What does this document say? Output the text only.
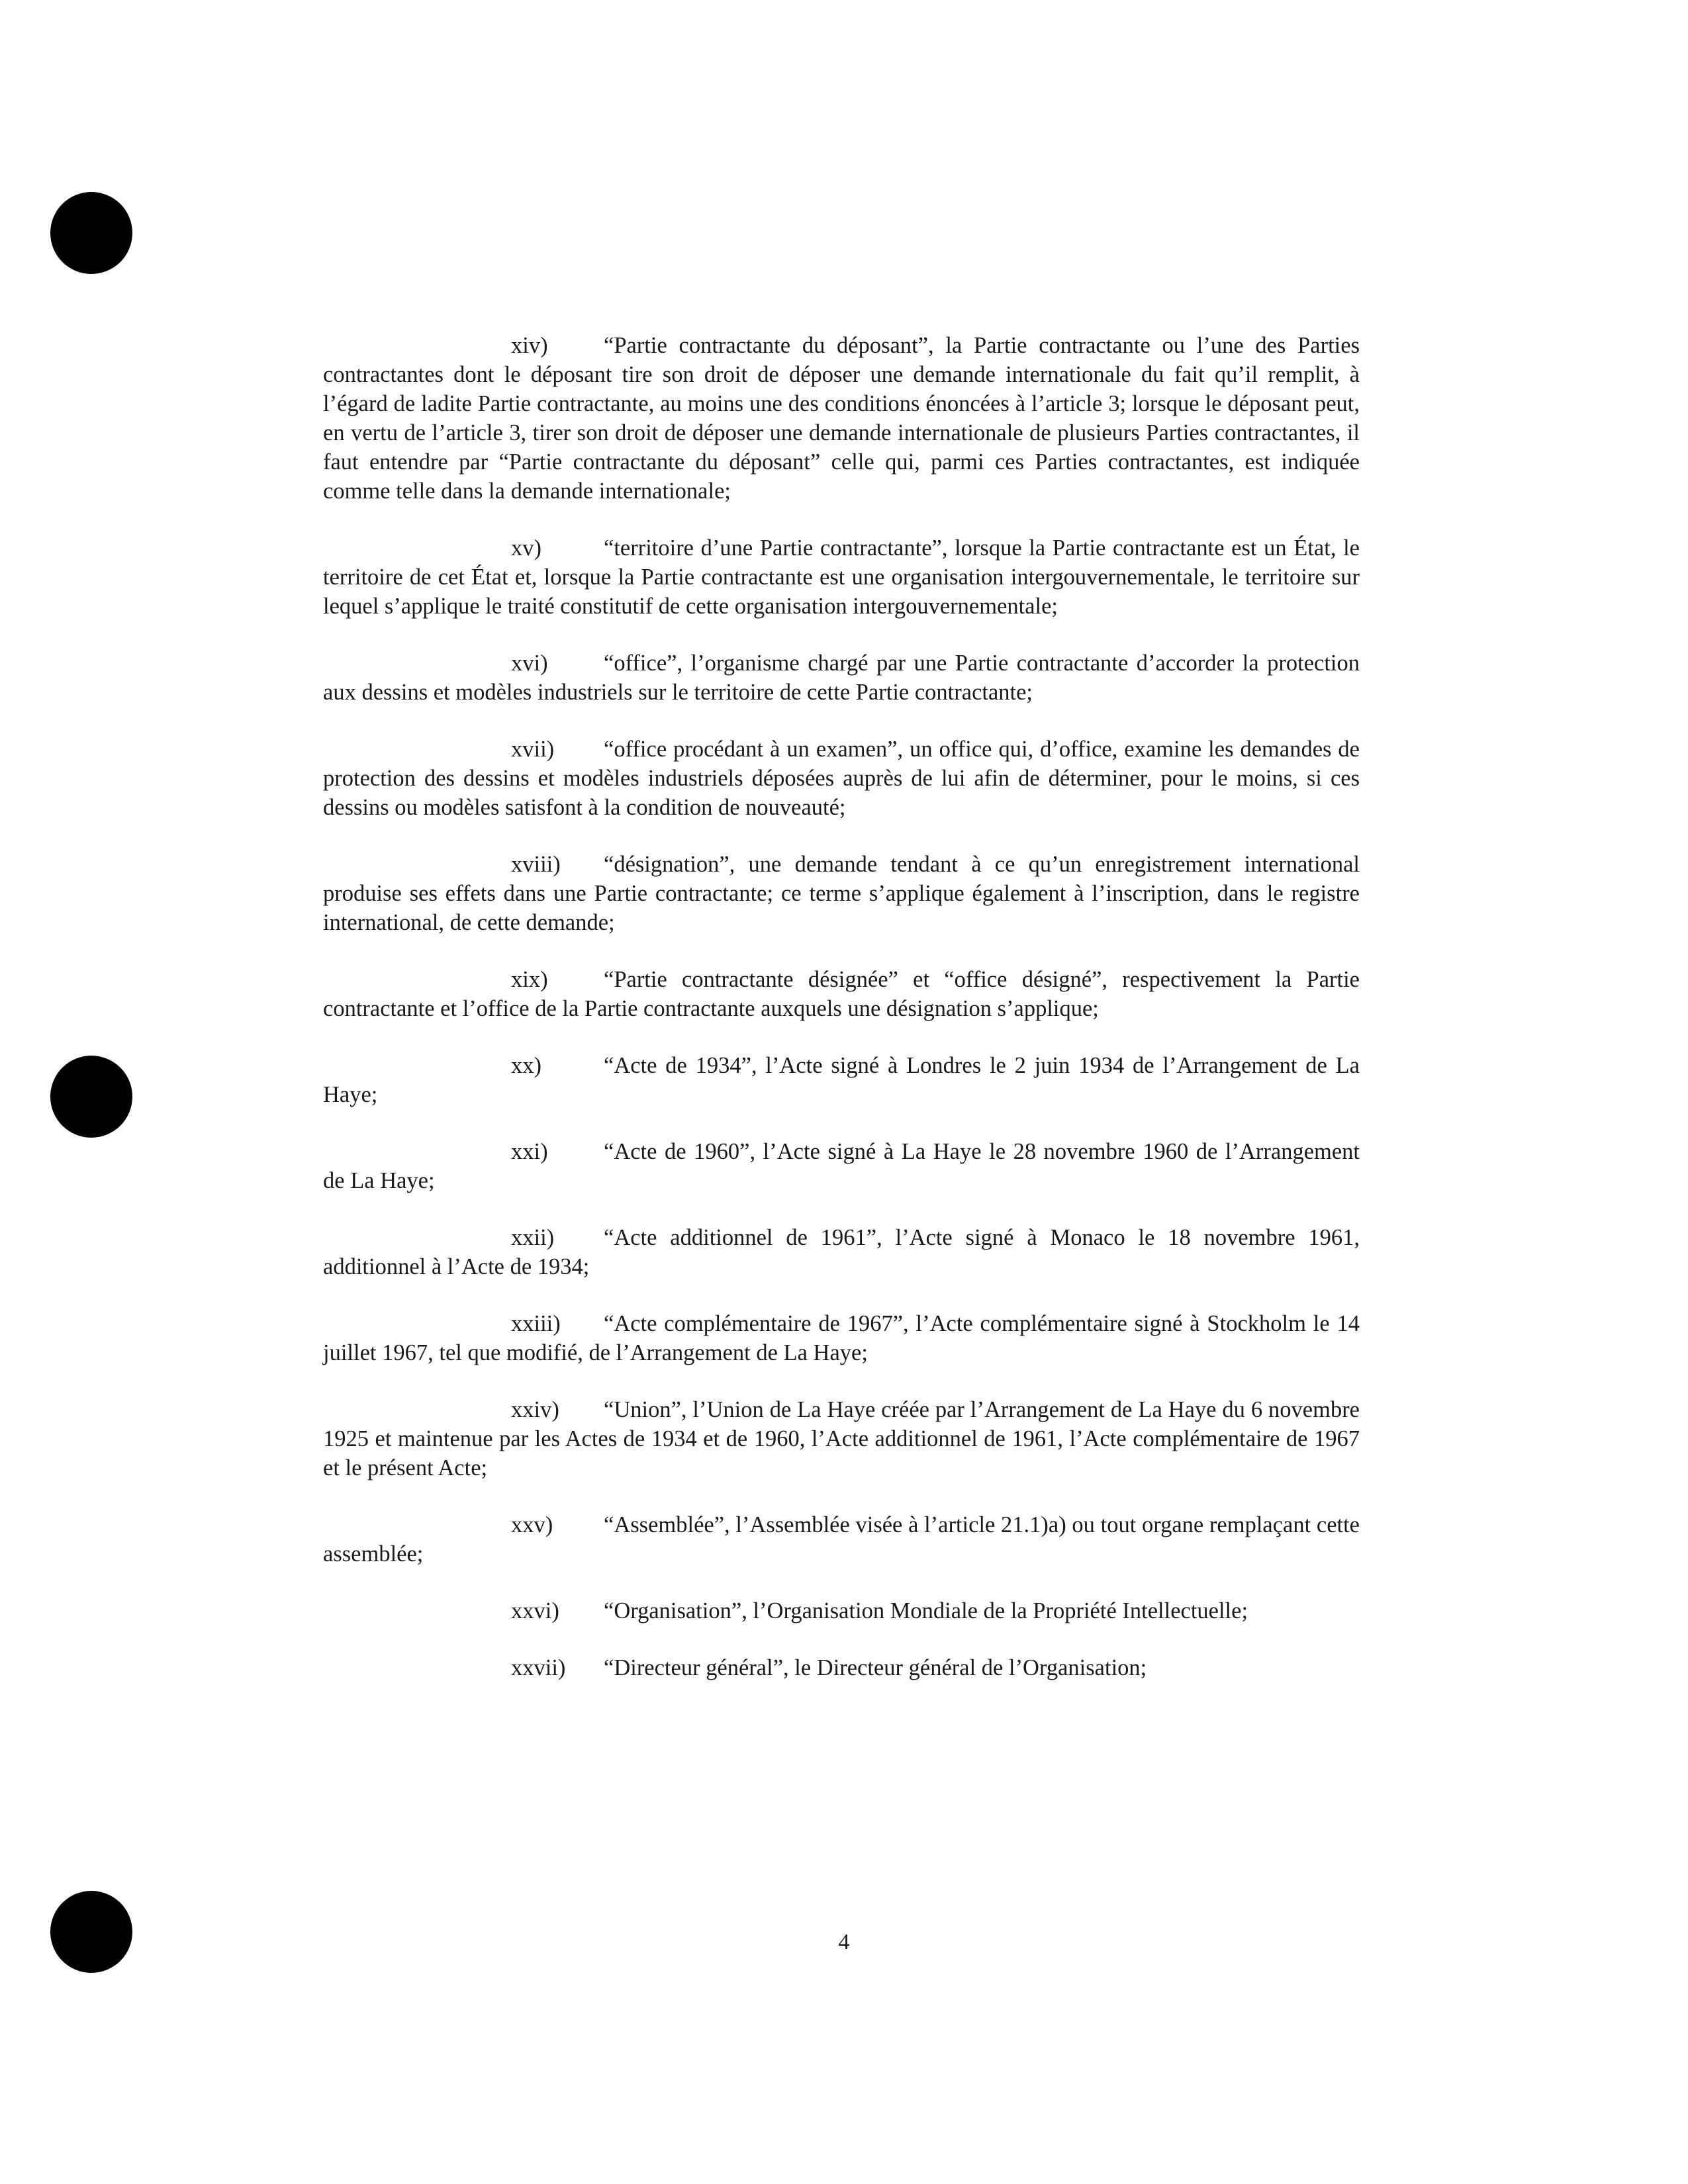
xiv) “Partie contractante du déposant”, la Partie contractante ou l’une des Parties contractantes dont le déposant tire son droit de déposer une demande internationale du fait qu’il remplit, à l’égard de ladite Partie contractante, au moins une des conditions énoncées à l’article 3; lorsque le déposant peut, en vertu de l’article 3, tirer son droit de déposer une demande internationale de plusieurs Parties contractantes, il faut entendre par “Partie contractante du déposant” celle qui, parmi ces Parties contractantes, est indiquée comme telle dans la demande internationale;

xv)	“territoire d’une Partie contractante”, lorsque la Partie contractante est un État, le territoire de cet État et, lorsque la Partie contractante est une organisation intergouvernementale, le territoire sur lequel s’applique le traité constitutif de cette organisation intergouvernementale;

xvi) “office”, l’organisme chargé par une Partie contractante d’accorder la protection aux dessins et modèles industriels sur le territoire de cette Partie contractante;

xvii) “office procédant à un examen”, un office qui, d’office, examine les demandes de protection des dessins et modèles industriels déposées auprès de lui afin de déterminer, pour le moins, si ces dessins ou modèles satisfont à la condition de nouveauté;

xviii) “désignation”, une demande tendant à ce qu’un enregistrement international produise ses effets dans une Partie contractante; ce terme s’applique également à l’inscription, dans le registre international, de cette demande;

xix) “Partie contractante désignée” et “office désigné”, respectivement la Partie contractante et l’office de la Partie contractante auxquels une désignation s’applique;

xx)	“Acte de 1934”, l’Acte signé à Londres le 2 juin 1934 de l’Arrangement de La Haye;

xxi) “Acte de 1960”, l’Acte signé à La Haye le 28 novembre 1960 de l’Arrangement de La Haye;

xxii) “Acte additionnel de 1961”, l’Acte signé à Monaco le 18 novembre 1961, additionnel à l’Acte de 1934;

xxiii) “Acte complémentaire de 1967”, l’Acte complémentaire signé à Stockholm le 14 juillet 1967, tel que modifié, de l’Arrangement de La Haye;

xxiv) “Union”, l’Union de La Haye créée par l’Arrangement de La Haye du 6 novembre 1925 et maintenue par les Actes de 1934 et de 1960, l’Acte additionnel de 1961, l’Acte complémentaire de 1967 et le présent Acte;

xxv) “Assemblée”, l’Assemblée visée à l’article 21.1)a) ou tout organe remplaçant cette assemblée;

xxvi) “Organisation”, l’Organisation Mondiale de la Propriété Intellectuelle;

xxvii) “Directeur général”, le Directeur général de l’Organisation;

4
